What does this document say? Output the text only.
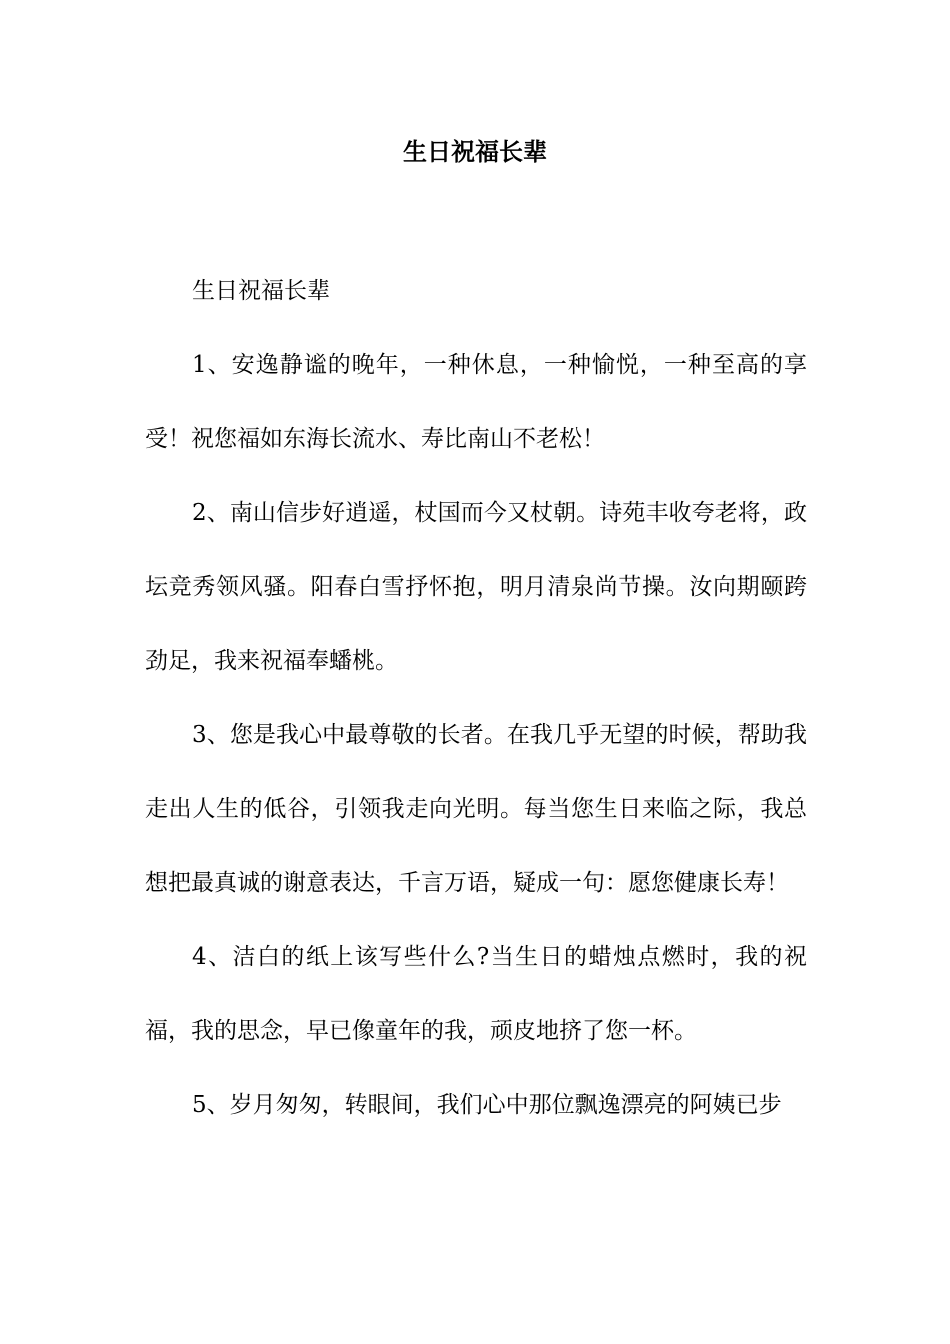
生日祝福长辈

生日祝福长辈

1、安逸静谧的晚年，一种休息，一种愉悦，一种至高的享受！祝您福如东海长流水、寿比南山不老松！

2、南山信步好逍遥，杖国而今又杖朝。诗苑丰收夸老将，政坛竞秀领风骚。阳春白雪抒怀抱，明月清泉尚节操。汝向期颐跨劲足，我来祝福奉蟠桃。

3、您是我心中最尊敬的长者。在我几乎无望的时候，帮助我走出人生的低谷，引领我走向光明。每当您生日来临之际，我总想把最真诚的谢意表达，千言万语，疑成一句：愿您健康长寿！

4、洁白的纸上该写些什么?当生日的蜡烛点燃时，我的祝福，我的思念，早已像童年的我，顽皮地挤了您一杯。

5、岁月匆匆，转眼间，我们心中那位飘逸漂亮的阿姨已步
